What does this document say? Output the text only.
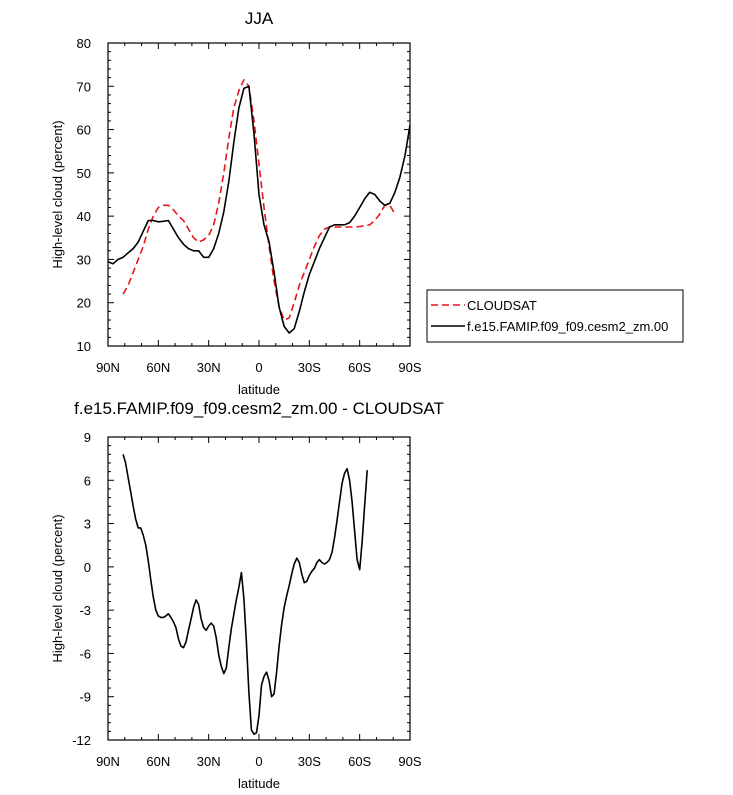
JJA
90N 60N 30N	0	30S 60S 90S
10
20
30
40
50
60
70
80
latitude
High-level cloud (percent)
f.e15.FAMIP.f09_f09.cesm2_zm.00 - CLOUDSAT
90N 60N 30N	0	30S 60S 90S
-12
-9
-6
-3
0
3
6
9
latitude
High-level cloud (percent)
CLOUDSAT
f.e15.FAMIP.f09_f09.cesm2_zm.00
